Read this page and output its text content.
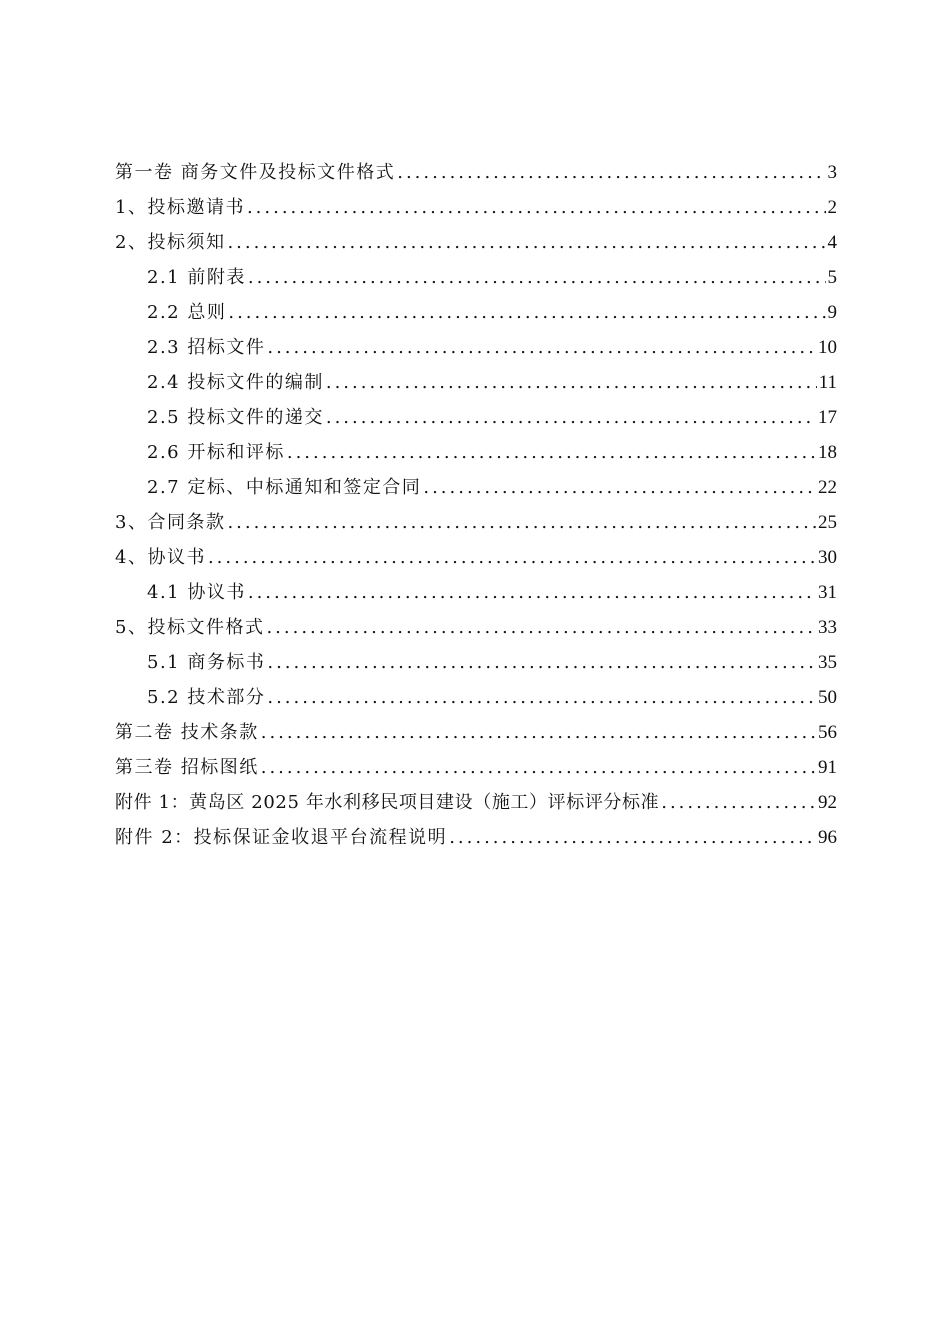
第一卷 商务文件及投标文件格式 .....	3
1、投标邀请书 .....	2
2、投标须知 .....	4
2.1 前附表 .....	5
2.2 总则 .....	9
2.3 招标文件 .....	10
2.4 投标文件的编制 .....	11
2.5 投标文件的递交 .....	17
2.6 开标和评标 .....	18
2.7 定标、中标通知和签定合同 .....	22
3、合同条款 .....	25
4、协议书 .....	30
4.1 协议书 .....	31
5、投标文件格式 .....	33
5.1 商务标书 .....	35
5.2 技术部分 .....	50
第二卷 技术条款 .....	56
第三卷 招标图纸 .....	91
附件 1：黄岛区 2025 年水利移民项目建设（施工）评标评分标准 .....	92
附件 2：投标保证金收退平台流程说明 .....	96
